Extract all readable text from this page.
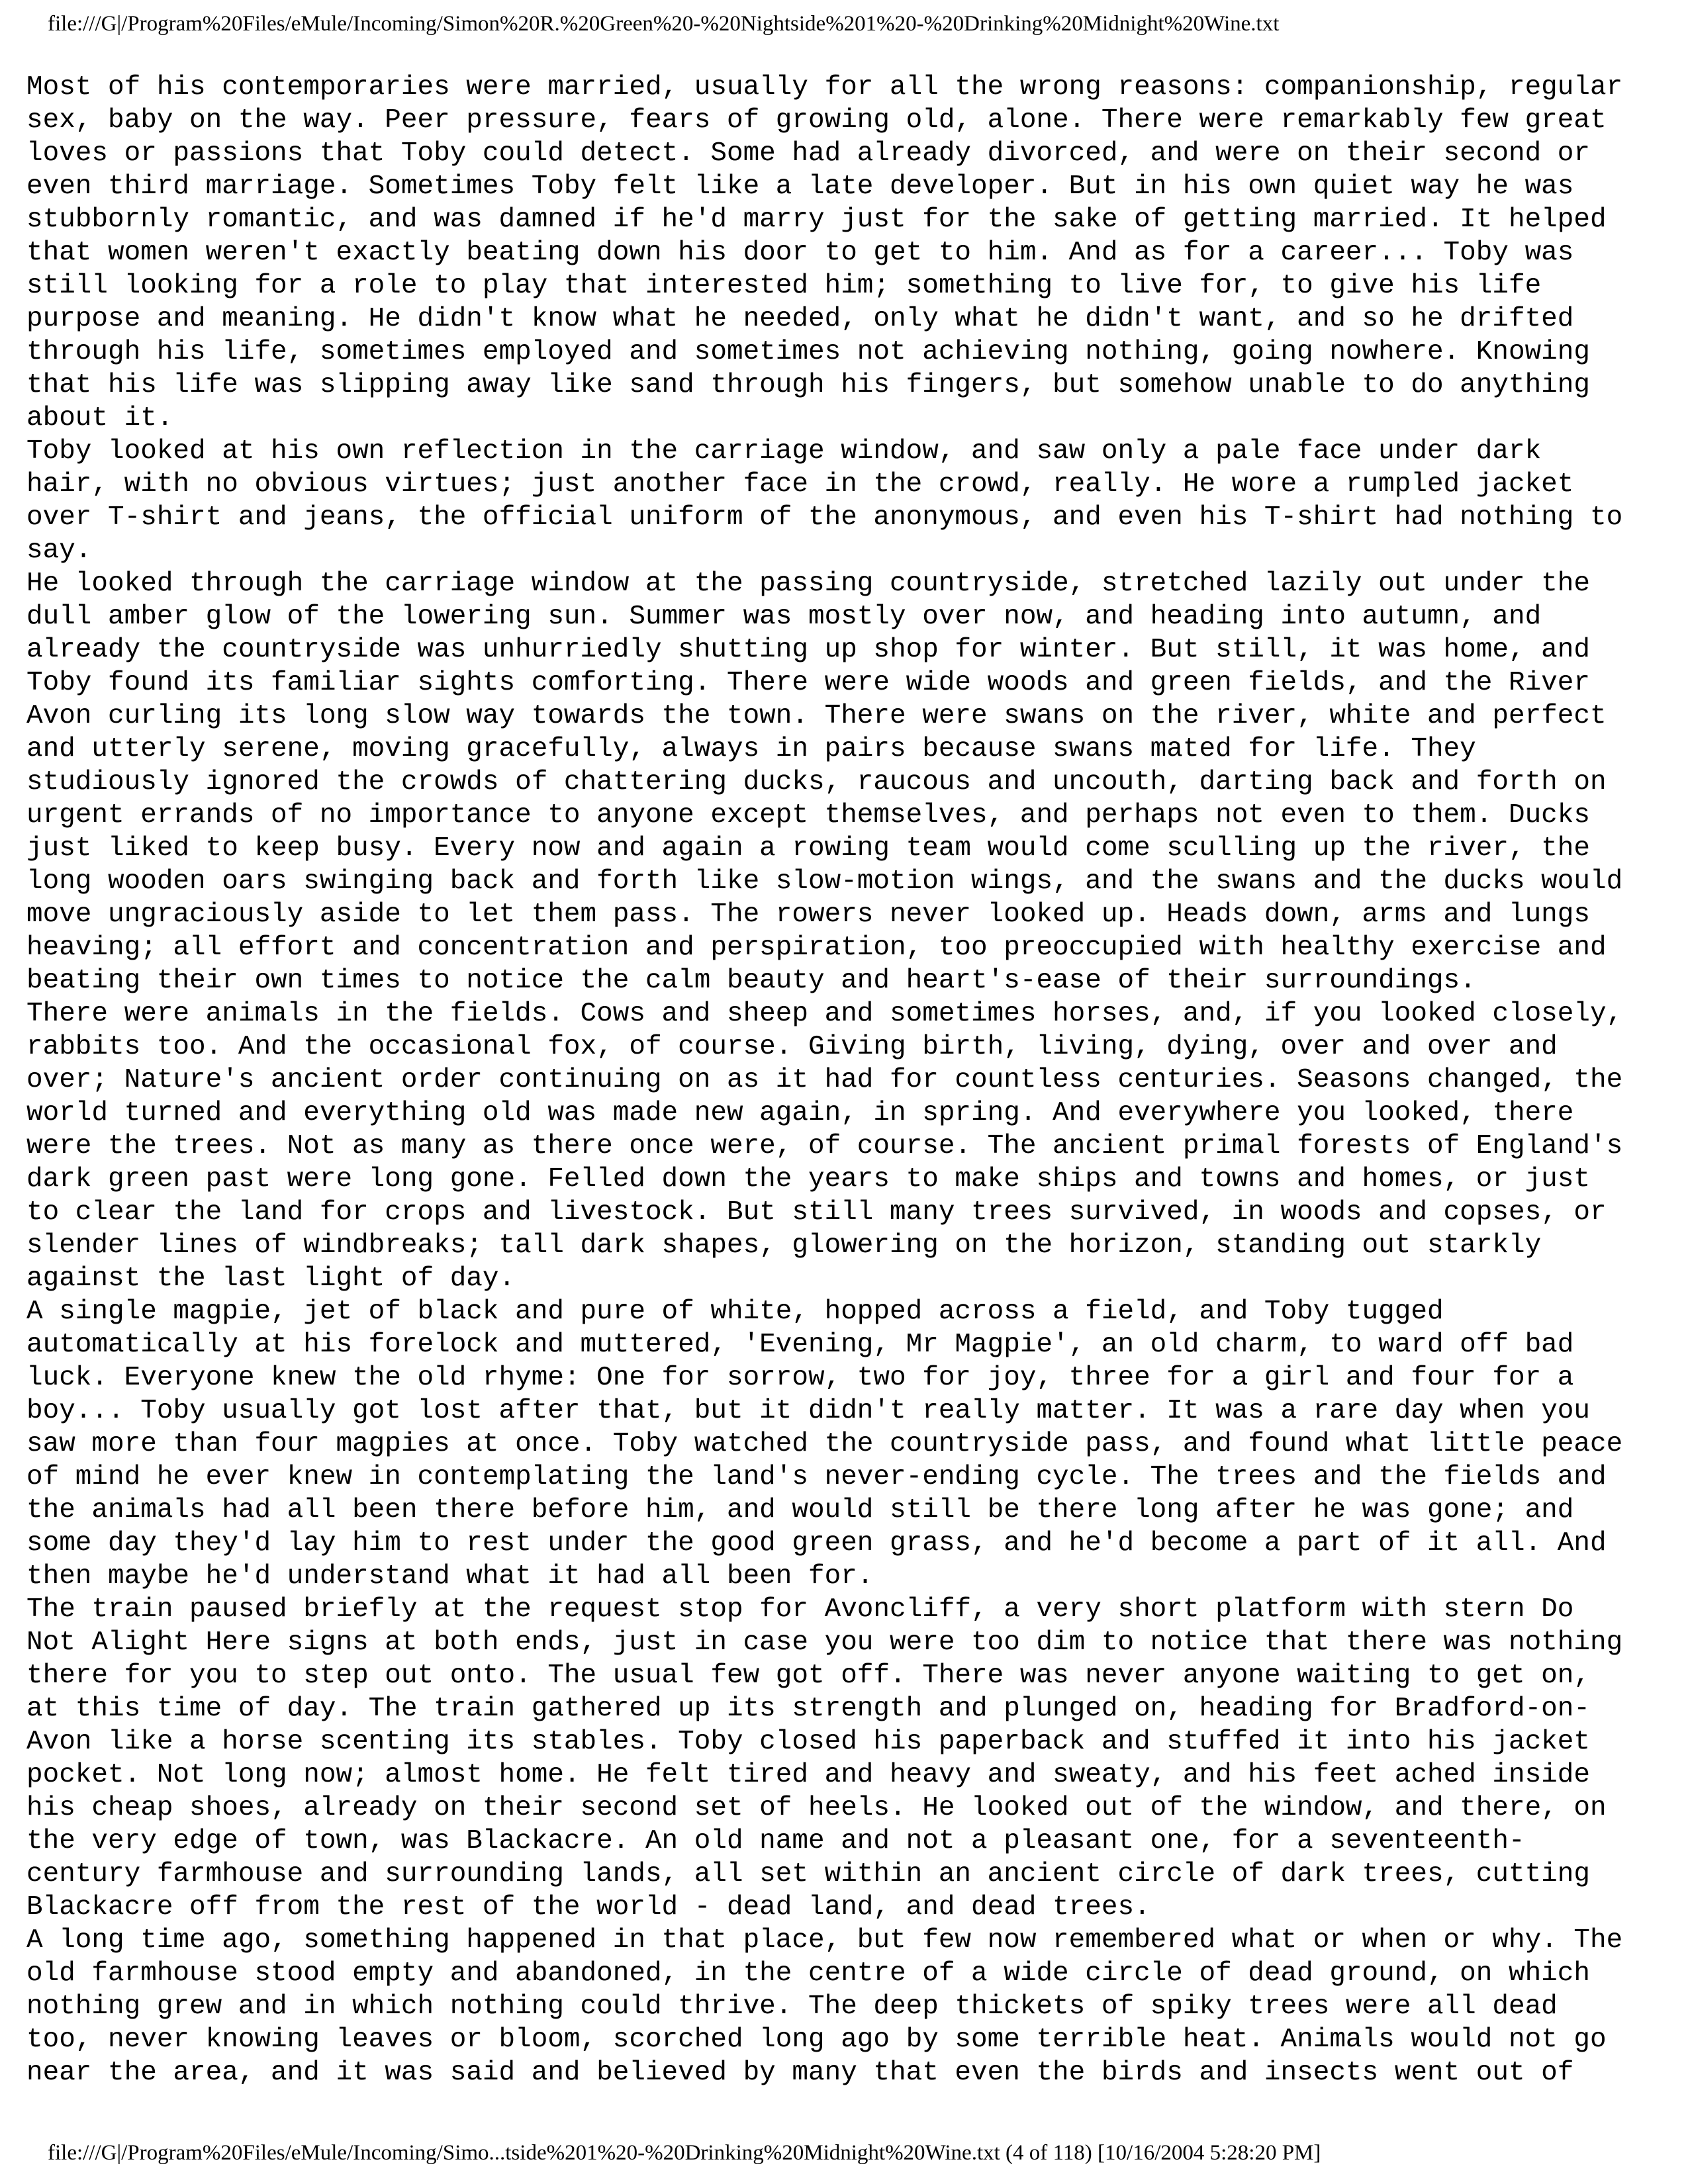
file:///G|/Program%20Files/eMule/Incoming/Simon%20R.%20Green%20-%20Nightside%201%20-%20Drinking%20Midnight%20Wine.txt
Most of his contemporaries were married, usually for all the wrong reasons: companionship, regular
sex, baby on the way. Peer pressure, fears of growing old, alone. There were remarkably few great
loves or passions that Toby could detect. Some had already divorced, and were on their second or
even third marriage. Sometimes Toby felt like a late developer. But in his own quiet way he was
stubbornly romantic, and was damned if he'd marry just for the sake of getting married. It helped
that women weren't exactly beating down his door to get to him. And as for a career... Toby was
still looking for a role to play that interested him; something to live for, to give his life
purpose and meaning. He didn't know what he needed, only what he didn't want, and so he drifted
through his life, sometimes employed and sometimes not achieving nothing, going nowhere. Knowing
that his life was slipping away like sand through his fingers, but somehow unable to do anything
about it.
Toby looked at his own reflection in the carriage window, and saw only a pale face under dark
hair, with no obvious virtues; just another face in the crowd, really. He wore a rumpled jacket
over T-shirt and jeans, the official uniform of the anonymous, and even his T-shirt had nothing to
say.
He looked through the carriage window at the passing countryside, stretched lazily out under the
dull amber glow of the lowering sun. Summer was mostly over now, and heading into autumn, and
already the countryside was unhurriedly shutting up shop for winter. But still, it was home, and
Toby found its familiar sights comforting. There were wide woods and green fields, and the River
Avon curling its long slow way towards the town. There were swans on the river, white and perfect
and utterly serene, moving gracefully, always in pairs because swans mated for life. They
studiously ignored the crowds of chattering ducks, raucous and uncouth, darting back and forth on
urgent errands of no importance to anyone except themselves, and perhaps not even to them. Ducks
just liked to keep busy. Every now and again a rowing team would come sculling up the river, the
long wooden oars swinging back and forth like slow-motion wings, and the swans and the ducks would
move ungraciously aside to let them pass. The rowers never looked up. Heads down, arms and lungs
heaving; all effort and concentration and perspiration, too preoccupied with healthy exercise and
beating their own times to notice the calm beauty and heart's-ease of their surroundings.
There were animals in the fields. Cows and sheep and sometimes horses, and, if you looked closely,
rabbits too. And the occasional fox, of course. Giving birth, living, dying, over and over and
over; Nature's ancient order continuing on as it had for countless centuries. Seasons changed, the
world turned and everything old was made new again, in spring. And everywhere you looked, there
were the trees. Not as many as there once were, of course. The ancient primal forests of England's
dark green past were long gone. Felled down the years to make ships and towns and homes, or just
to clear the land for crops and livestock. But still many trees survived, in woods and copses, or
slender lines of windbreaks; tall dark shapes, glowering on the horizon, standing out starkly
against the last light of day.
A single magpie, jet of black and pure of white, hopped across a field, and Toby tugged
automatically at his forelock and muttered, 'Evening, Mr Magpie', an old charm, to ward off bad
luck. Everyone knew the old rhyme: One for sorrow, two for joy, three for a girl and four for a
boy... Toby usually got lost after that, but it didn't really matter. It was a rare day when you
saw more than four magpies at once. Toby watched the countryside pass, and found what little peace
of mind he ever knew in contemplating the land's never-ending cycle. The trees and the fields and
the animals had all been there before him, and would still be there long after he was gone; and
some day they'd lay him to rest under the good green grass, and he'd become a part of it all. And
then maybe he'd understand what it had all been for.
The train paused briefly at the request stop for Avoncliff, a very short platform with stern Do
Not Alight Here signs at both ends, just in case you were too dim to notice that there was nothing
there for you to step out onto. The usual few got off. There was never anyone waiting to get on,
at this time of day. The train gathered up its strength and plunged on, heading for Bradford-on-
Avon like a horse scenting its stables. Toby closed his paperback and stuffed it into his jacket
pocket. Not long now; almost home. He felt tired and heavy and sweaty, and his feet ached inside
his cheap shoes, already on their second set of heels. He looked out of the window, and there, on
the very edge of town, was Blackacre. An old name and not a pleasant one, for a seventeenth-
century farmhouse and surrounding lands, all set within an ancient circle of dark trees, cutting
Blackacre off from the rest of the world - dead land, and dead trees.
A long time ago, something happened in that place, but few now remembered what or when or why. The
old farmhouse stood empty and abandoned, in the centre of a wide circle of dead ground, on which
nothing grew and in which nothing could thrive. The deep thickets of spiky trees were all dead
too, never knowing leaves or bloom, scorched long ago by some terrible heat. Animals would not go
near the area, and it was said and believed by many that even the birds and insects went out of
file:///G|/Program%20Files/eMule/Incoming/Simo...tside%201%20-%20Drinking%20Midnight%20Wine.txt (4 of 118) [10/16/2004 5:28:20 PM]
